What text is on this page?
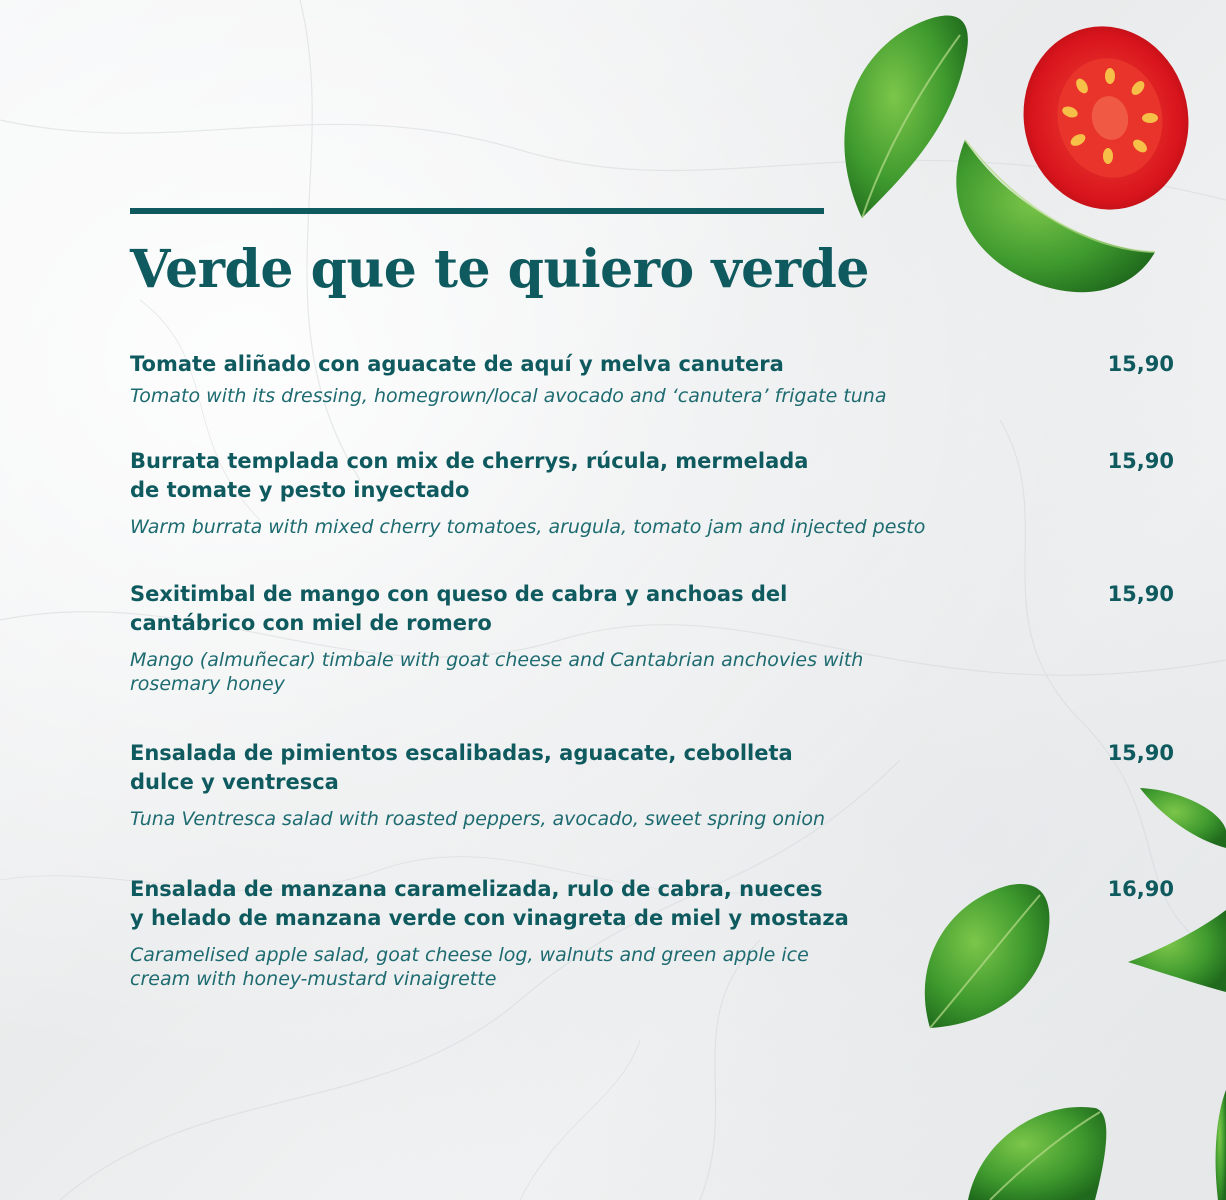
Verde que te quiero verde
Tomate aliñado con aguacate de aquí y melva canutera	15,90
Tomato with its dressing, homegrown/local avocado and ‘canutera’ frigate tuna
Burrata templada con mix de cherrys, rúcula, mermelada
de tomate y pesto inyectado
15,90
Warm burrata with mixed cherry tomatoes, arugula, tomato jam and injected pesto
Sexitimbal de mango con queso de cabra y anchoas del
cantábrico con miel de romero
15,90
Mango (almuñecar) timbale with goat cheese and Cantabrian anchovies with
rosemary honey
Ensalada de pimientos escalibadas, aguacate, cebolleta
dulce y ventresca
15,90
Tuna Ventresca salad with roasted peppers, avocado, sweet spring onion
Ensalada de manzana caramelizada, rulo de cabra, nueces
y helado de manzana verde con vinagreta de miel y mostaza
16,90
Caramelised apple salad, goat cheese log, walnuts and green apple ice
cream with honey-mustard vinaigrette
